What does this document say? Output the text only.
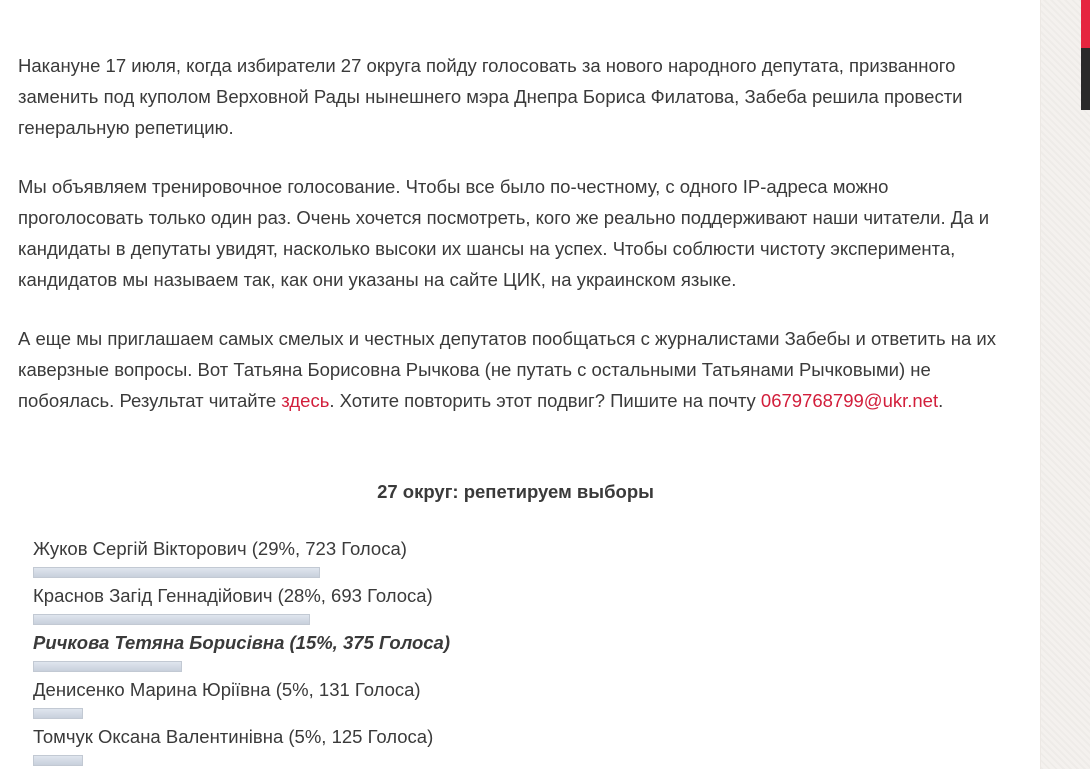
Накануне 17 июля, когда избиратели 27 округа пойду голосовать за нового народного депутата, призванного заменить под куполом Верховной Рады нынешнего мэра Днепра Бориса Филатова, Забеба решила провести генеральную репетицию.

Мы объявляем тренировочное голосование. Чтобы все было по-честному, с одного IP-адреса можно проголосовать только один раз. Очень хочется посмотреть, кого же реально поддерживают наши читатели. Да и кандидаты в депутаты увидят, насколько высоки их шансы на успех. Чтобы соблюсти чистоту эксперимента, кандидатов мы называем так, как они указаны на сайте ЦИК, на украинском языке.

А еще мы приглашаем самых смелых и честных депутатов пообщаться с журналистами Забебы и ответить на их каверзные вопросы. Вот Татьяна Борисовна Рычкова (не путать с остальными Татьянами Рычковыми) не побоялась. Результат читайте здесь. Хотите повторить этот подвиг? Пишите на почту 0679768799@ukr.net.

27 округ: репетируем выборы
Жуков Сергій Вікторович (29%, 723 Голоса)
Краснов Загід Геннадійович (28%, 693 Голоса)
Ричкова Тетяна Борисівна (15%, 375 Голоса)
Денисенко Марина Юріївна (5%, 131 Голоса)
Томчук Оксана Валентинівна (5%, 125 Голоса)
